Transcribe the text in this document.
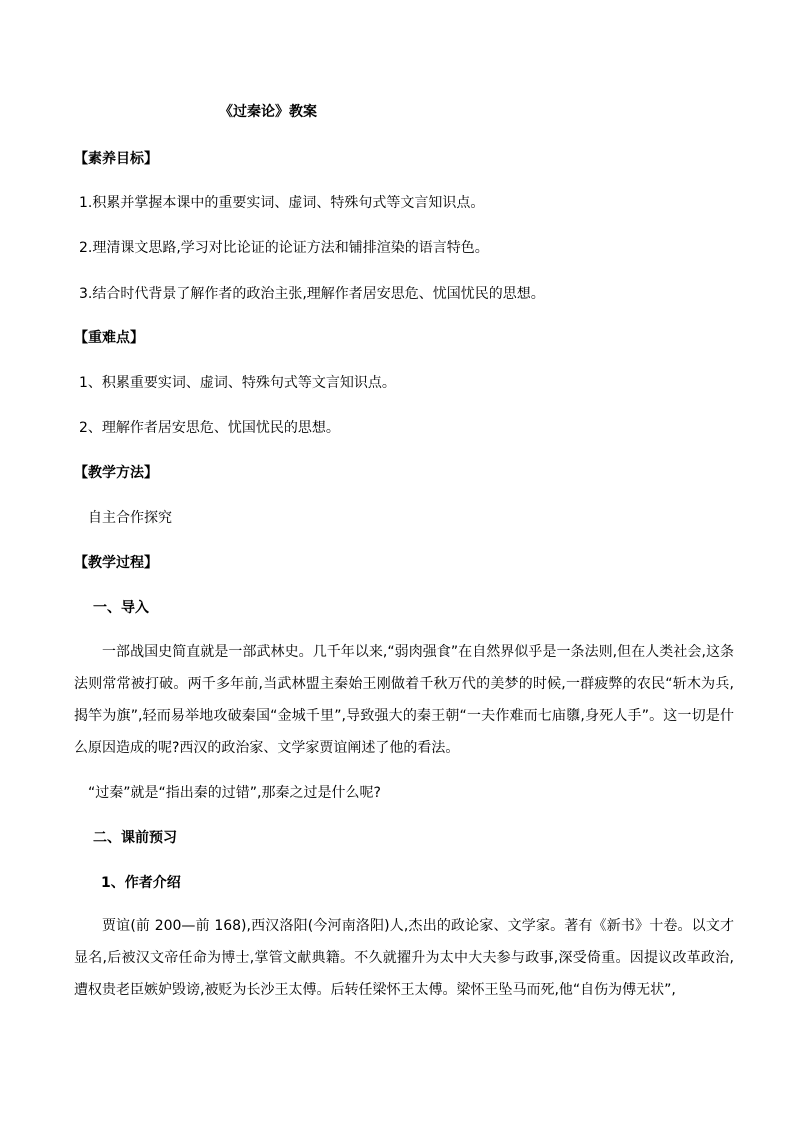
《过秦论》教案
【素养目标】
1.积累并掌握本课中的重要实词、虚词、特殊句式等文言知识点。
2.理清课文思路,学习对比论证的论证方法和铺排渲染的语言特色。
3.结合时代背景了解作者的政治主张,理解作者居安思危、忧国忧民的思想。
【重难点】
1、积累重要实词、虚词、特殊句式等文言知识点。
2、理解作者居安思危、忧国忧民的思想。
【教学方法】
自主合作探究
【教学过程】
一、导入
一部战国史简直就是一部武林史。几千年以来,“弱肉强食”在自然界似乎是一条法则,但在人类社会,这条法则常常被打破。两千多年前,当武林盟主秦始王刚做着千秋万代的美梦的时候,一群疲弊的农民“斩木为兵,揭竿为旗”,轻而易举地攻破秦国“金城千里”,导致强大的秦王朝“一夫作难而七庙隳,身死人手”。这一切是什么原因造成的呢?西汉的政治家、文学家贾谊阐述了他的看法。
“过秦”就是“指出秦的过错”,那秦之过是什么呢?
二、课前预习
1、作者介绍
贾谊(前 200—前 168),西汉洛阳(今河南洛阳)人,杰出的政论家、文学家。著有《新书》十卷。以文才显名,后被汉文帝任命为博士,掌管文献典籍。不久就擢升为太中大夫参与政事,深受倚重。因提议改革政治,遭权贵老臣嫉妒毁谤,被贬为长沙王太傅。后转任梁怀王太傅。梁怀王坠马而死,他“自伤为傅无状”,
